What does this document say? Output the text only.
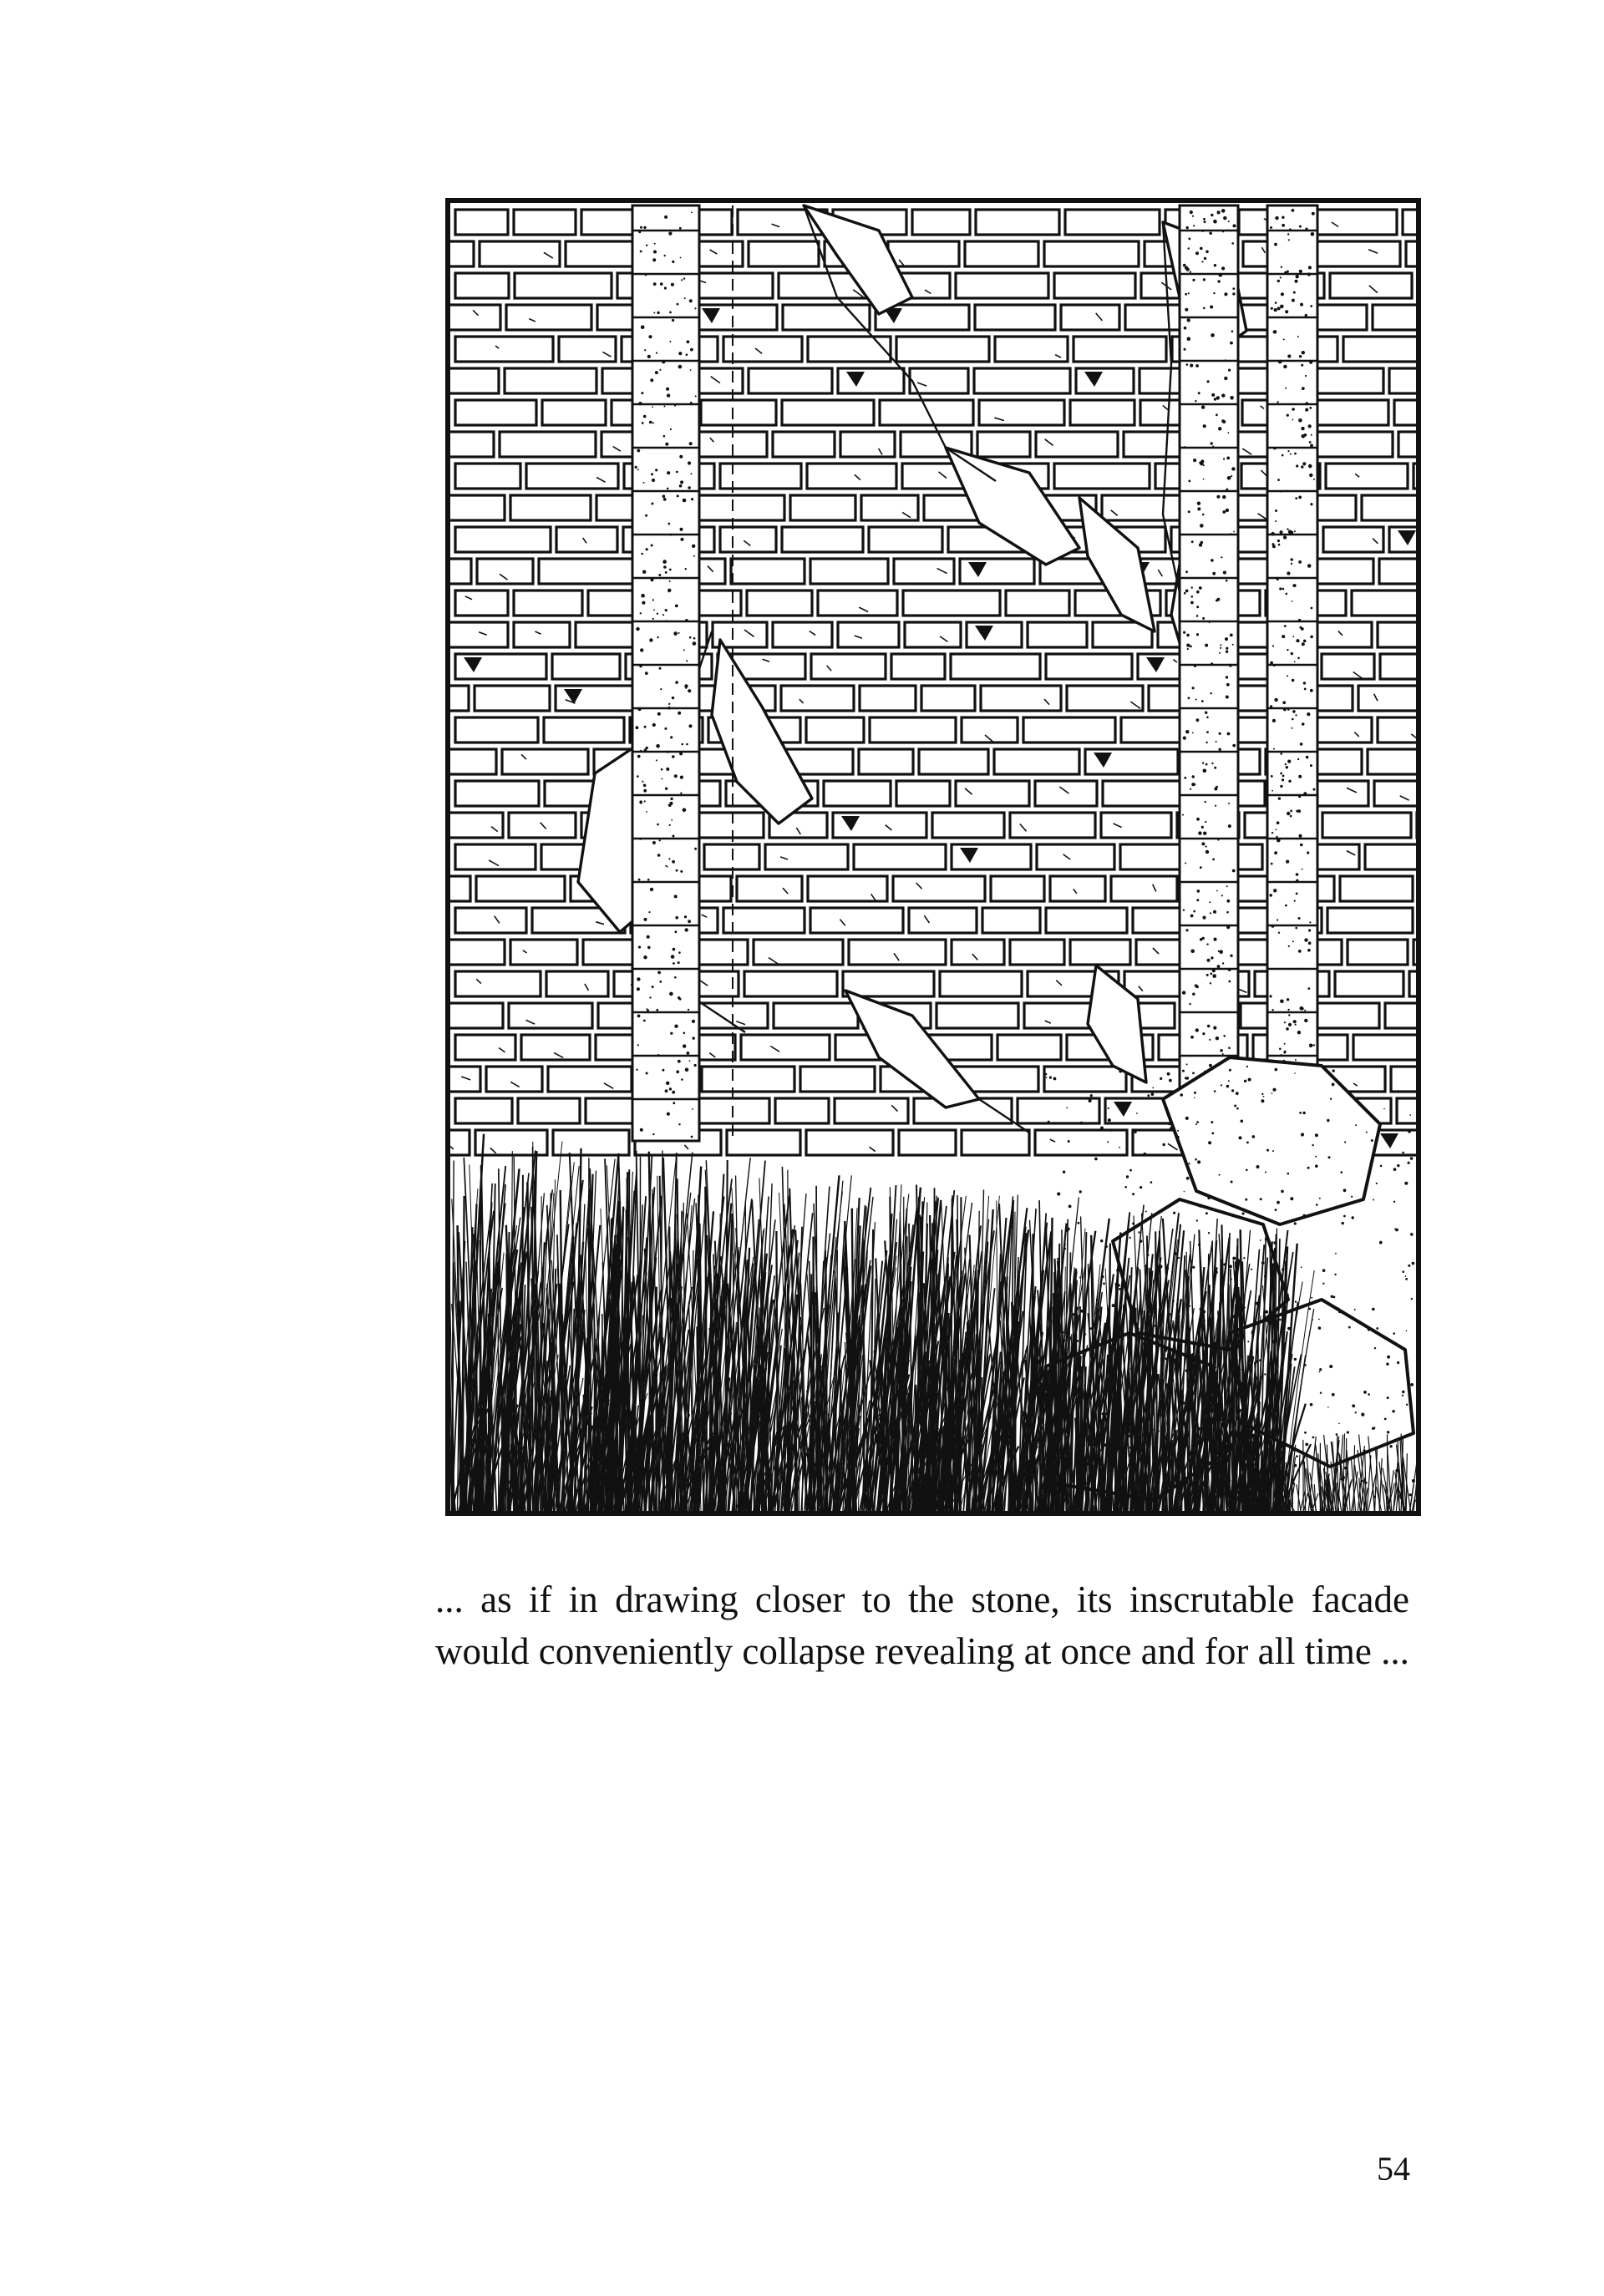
... as if in drawing closer to the stone, its inscrutable facade would conveniently collapse revealing at once and for all time ...

54
